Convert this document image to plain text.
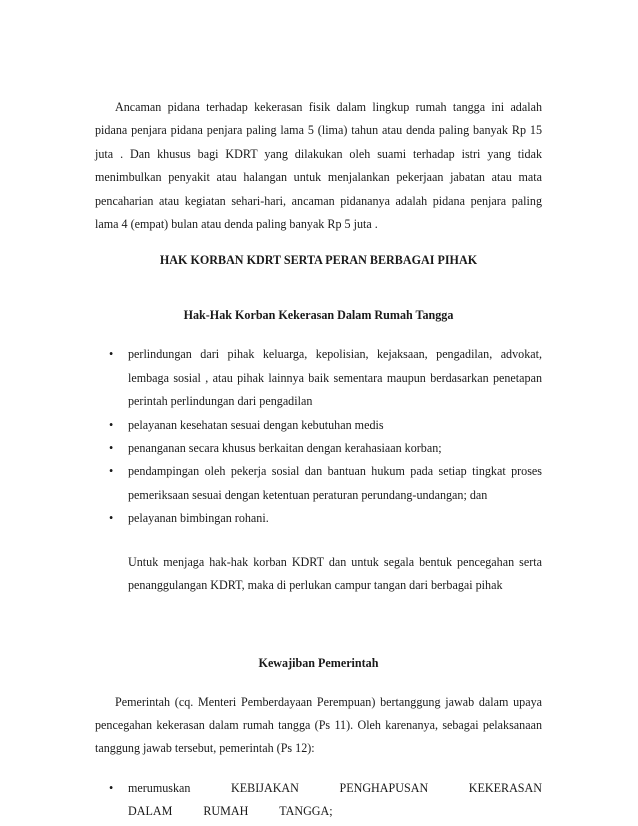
Ancaman pidana terhadap kekerasan fisik dalam lingkup rumah tangga ini adalah pidana penjara pidana penjara paling lama 5 (lima) tahun atau denda paling banyak Rp 15 juta . Dan khusus bagi KDRT yang dilakukan oleh suami terhadap istri yang tidak menimbulkan penyakit atau halangan untuk menjalankan pekerjaan jabatan atau mata pencaharian atau kegiatan sehari-hari, ancaman pidananya adalah pidana penjara paling lama 4 (empat) bulan atau denda paling banyak Rp 5 juta .

HAK KORBAN KDRT SERTA PERAN BERBAGAI PIHAK

Hak-Hak Korban Kekerasan Dalam Rumah Tangga

• perlindungan dari pihak keluarga, kepolisian, kejaksaan, pengadilan, advokat, lembaga sosial , atau pihak lainnya baik sementara maupun berdasarkan penetapan perintah perlindungan dari pengadilan
• pelayanan kesehatan sesuai dengan kebutuhan medis
• penanganan secara khusus berkaitan dengan kerahasiaan korban;
• pendampingan oleh pekerja sosial dan bantuan hukum pada setiap tingkat proses pemeriksaan sesuai dengan ketentuan peraturan perundang-undangan; dan
• pelayanan bimbingan rohani.

Untuk menjaga hak-hak korban KDRT dan untuk segala bentuk pencegahan serta penanggulangan KDRT, maka di perlukan campur tangan dari berbagai pihak

Kewajiban Pemerintah

Pemerintah (cq. Menteri Pemberdayaan Perempuan) bertanggung jawab dalam upaya pencegahan kekerasan dalam rumah tangga (Ps 11). Oleh karenanya, sebagai pelaksanaan tanggung jawab tersebut, pemerintah (Ps 12):

• merumuskan KEBIJAKAN PENGHAPUSAN KEKERASAN DALAM RUMAH TANGGA;
